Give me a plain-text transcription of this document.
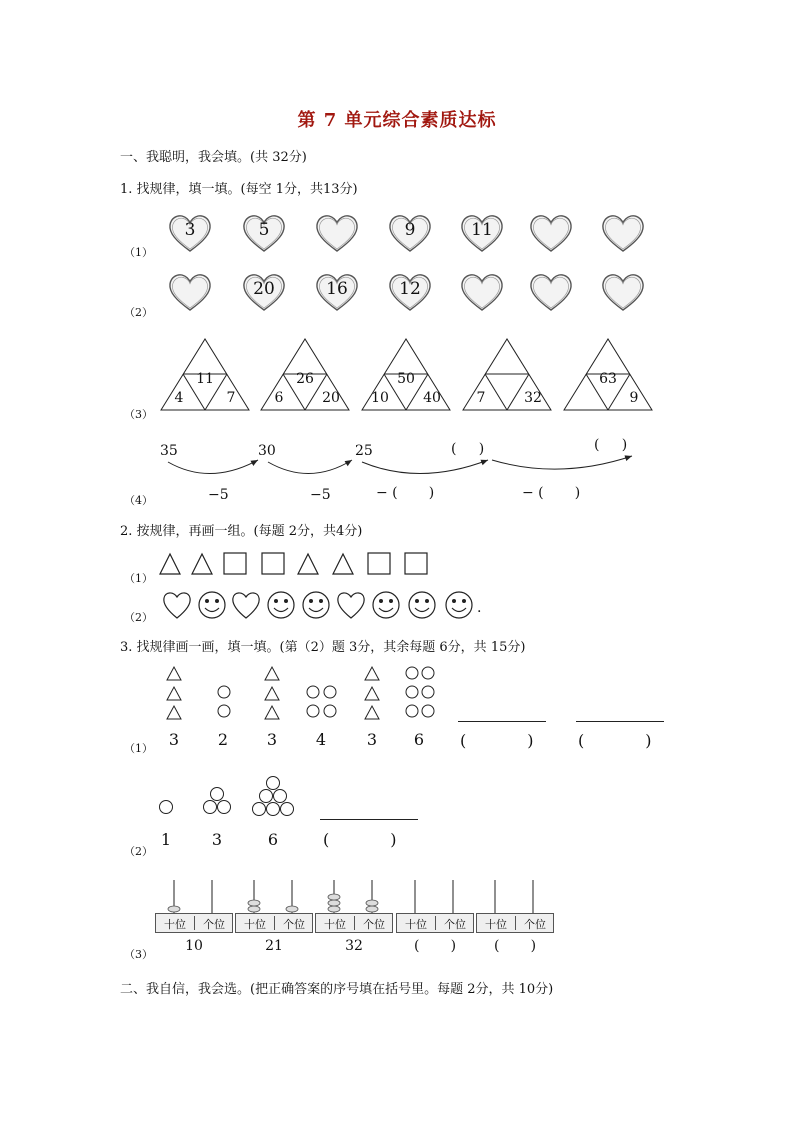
第 7 单元综合素质达标
一、我聪明，我会填。(共 32分)
1. 找规律，填一填。(每空 1分，共13分)
（1）
3	5	9	11
（2）
20	16	12
（3）
11
4	7
26
6	20
50
10	40	7	32
63
9
（4）
35	30	25	(     )	(     )
−5	−5	− (       )	− (       )
2. 按规律，再画一组。(每题 2分，共4分)
（1）
（2）
.
3. 找规律画一画，填一填。(第（2）题 3分，其余每题 6分，共 15分)
（1） 3	2	3	4	3	6	(            )	(            )
（2）
1	3	6	(            )
（3）
十位	个位
10
十位	个位
21
十位	个位
32
十位	个位
(       )
十位	个位
(       )
二、我自信，我会选。(把正确答案的序号填在括号里。每题 2分，共 10分)
